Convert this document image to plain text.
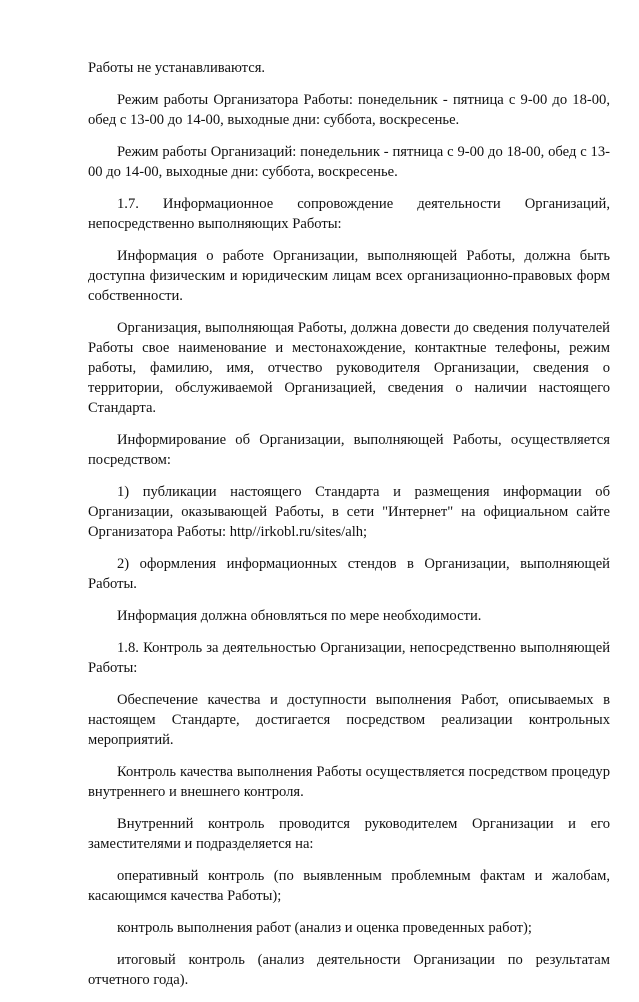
Работы не устанавливаются.

Режим работы Организатора Работы: понедельник - пятница с 9-00 до 18-00, обед с 13-00 до 14-00, выходные дни: суббота, воскресенье.

Режим работы Организаций: понедельник - пятница с 9-00 до 18-00, обед с 13-00 до 14-00, выходные дни: суббота, воскресенье.

1.7. Информационное сопровождение деятельности Организаций, непосредственно выполняющих Работы:

Информация о работе Организации, выполняющей Работы, должна быть доступна физическим и юридическим лицам всех организационно-правовых форм собственности.

Организация, выполняющая Работы, должна довести до сведения получателей Работы свое наименование и местонахождение, контактные телефоны, режим работы, фамилию, имя, отчество руководителя Организации, сведения о территории, обслуживаемой Организацией, сведения о наличии настоящего Стандарта.

Информирование об Организации, выполняющей Работы, осуществляется посредством:

1) публикации настоящего Стандарта и размещения информации об Организации, оказывающей Работы, в сети "Интернет" на официальном сайте Организатора Работы: http//irkobl.ru/sites/alh;

2) оформления информационных стендов в Организации, выполняющей Работы.

Информация должна обновляться по мере необходимости.

1.8. Контроль за деятельностью Организации, непосредственно выполняющей Работы:

Обеспечение качества и доступности выполнения Работ, описываемых в настоящем Стандарте, достигается посредством реализации контрольных мероприятий.

Контроль качества выполнения Работы осуществляется посредством процедур внутреннего и внешнего контроля.

Внутренний контроль проводится руководителем Организации и его заместителями и подразделяется на:

оперативный контроль (по выявленным проблемным фактам и жалобам, касающимся качества Работы);

контроль выполнения работ (анализ и оценка проведенных работ);

итоговый контроль (анализ деятельности Организации по результатам отчетного года).
